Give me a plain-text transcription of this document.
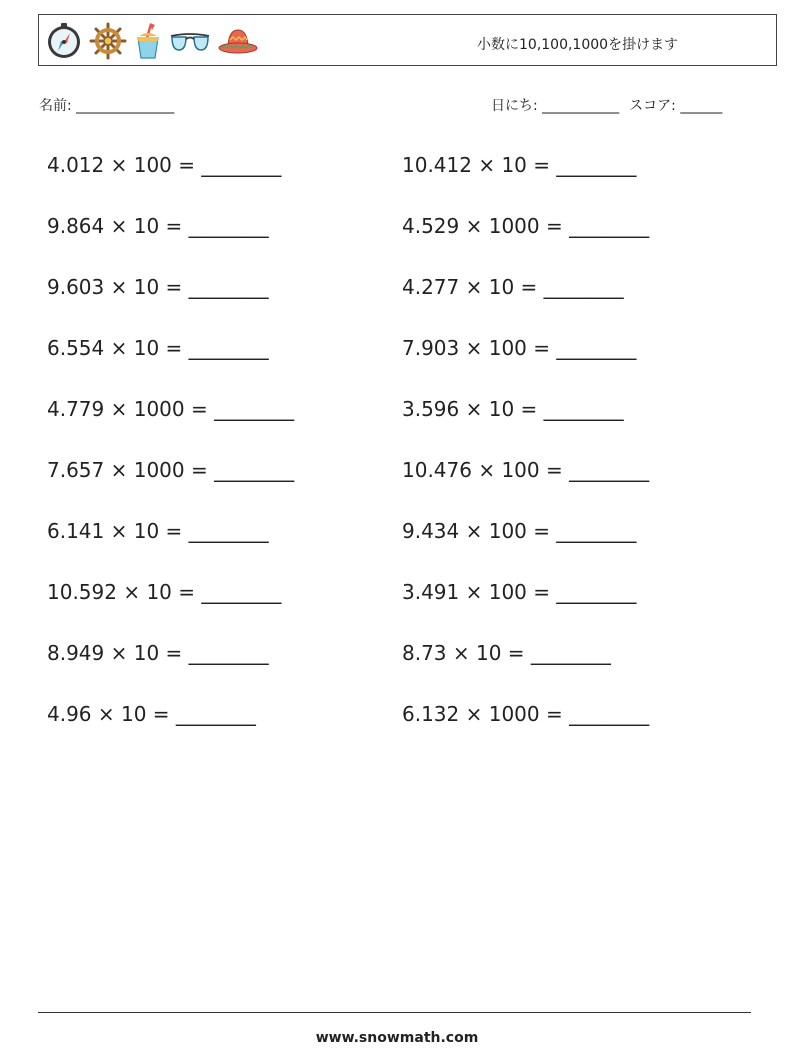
小数に10,100,1000を掛けます
名前: ______________	日にち: ___________ スコア: ______
4.012 × 100 = ________
9.864 × 10 = ________
9.603 × 10 = ________
6.554 × 10 = ________
4.779 × 1000 = ________
7.657 × 1000 = ________
6.141 × 10 = ________
10.592 × 10 = ________
8.949 × 10 = ________
4.96 × 10 = ________
10.412 × 10 = ________
4.529 × 1000 = ________
4.277 × 10 = ________
7.903 × 100 = ________
3.596 × 10 = ________
10.476 × 100 = ________
9.434 × 100 = ________
3.491 × 100 = ________
8.73 × 10 = ________
6.132 × 1000 = ________
www.snowmath.com
